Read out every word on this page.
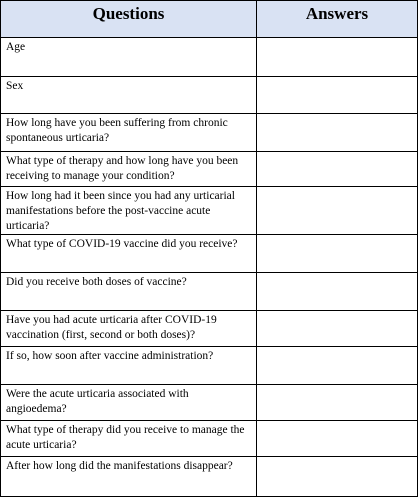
Questions	Answers
Age	
Sex	
How long have you been suffering from chronic spontaneous urticaria?	
What type of therapy and how long have you been receiving to manage your condition?	
How long had it been since you had any urticarial manifestations before the post-vaccine acute urticaria?	
What type of COVID-19 vaccine did you receive?	
Did you receive both doses of vaccine?	
Have you had acute urticaria after COVID-19 vaccination (first, second or both doses)?	
If so, how soon after vaccine administration?	
Were the acute urticaria associated with angioedema?	
What type of therapy did you receive to manage the acute urticaria?	
After how long did the manifestations disappear?	
